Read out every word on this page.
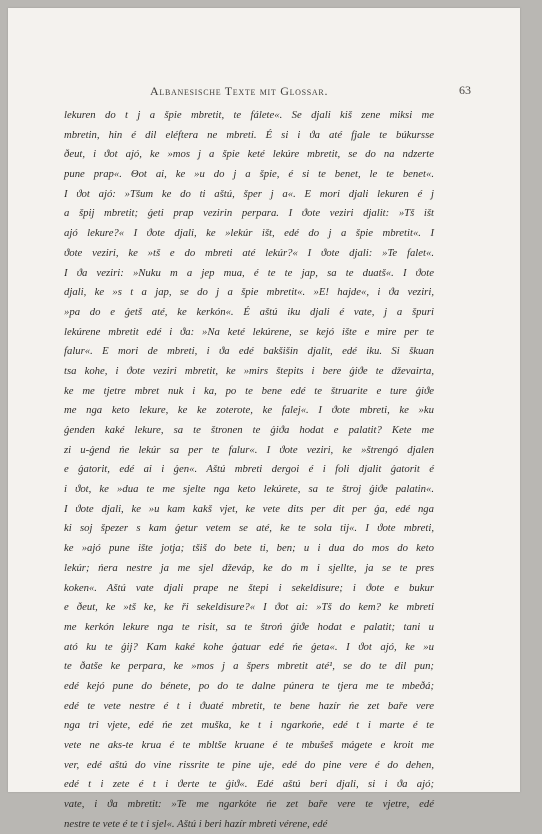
Albanesische Texte mit Glossar.	63
lekuren do t j a špie mbretit, te fálete«. Se djali kiš zene miksi me
mbretin, hin é dil eléftera ne mbreti. É si i ϑa até fjale te búkursse
ðeut, i ϑot ajó, ke »mos j a špie keté lekúre mbretit, se do na ndzerte
pune prap«. Θot ai, ke »u do j a špie, é si te benet, le te benet«.
I ϑot ajó: »Tšum ke do ti aštú, šper j a«. E mori djali lekuren é j
a špij mbretit; ǵeti prap vezirin perpara. I ϑote veziri djalit: »Tš išt
ajó lekure?« I ϑote djali, ke »lekúr išt, edé do j a špie mbretit«. I
ϑote veziri, ke »tš e do mbreti até lekúr?« I ϑote djali: »Te falet«.
I ϑa veziri: »Nuku m a jep mua, é te te jap, sa te duatš«. I ϑote
djali, ke »s t a jap, se do j a špie mbretit«. »E! hajde«, i ϑa veziri,
»pa do e ǵetš até, ke kerkón«. É aštú iku djali é vate, j a špuri
lekúrene mbretit edé i ϑa: »Na keté lekúrene, se kejó ište e mire per te
falur«. E mori de mbreti, i ϑa edé bakšišin djalit, edé iku. Si škuan
tsa kohe, i ϑote veziri mbretit, ke »mirs štepits i bere ǵiϑe te dževairta,
ke me tjetre mbret nuk i ka, po te bene edé te štruarite e ture ǵiϑe
me nga keto lekure, ke ke zoterote, ke falej«. I ϑote mbreti, ke »ku
ǵenden kaké lekure, sa te štronen te ǵiϑa hodat e palatit? Kete me
zi u-ǵend ńe lekúr sa per te falur«. I ϑote veziri, ke »štrengó djalen
e ǵatorit, edé ai i ǵen«. Aštú mbreti dergoi é i foli djalit ǵatorit é
i ϑot, ke »dua te me sjelte nga keto lekúrete, sa te štroj ǵiϑe palatin«.
I ϑote djali, ke »u kam kakš vjet, ke vete dits per dit per ǵa, edé nga
ki soj špezer s kam ǵetur vetem se até, ke te sola tij«. I ϑote mbreti,
ke »ajó pune ište jotja; tšiš do bete ti, ben; u i dua do mos do keto
lekúr; ńera nestre ja me sjel dževáp, ke do m i sjellte, ja se te pres
koken«. Aštú vate djali prape ne štepi i sekeldisure; i ϑote e bukur
e ðeut, ke »tš ke, ke ři sekeldisure?« I ϑot ai: »Tš do kem? ke mbreti
me kerkón lekure nga te risit, sa te štroń ǵiϑe hodat e palatit; tani u
ató ku te ǵij? Kam kaké kohe ǵatuar edé ńe ǵeta«. I ϑot ajó, ke »u
te ðatše ke perpara, ke »mos j a špers mbretit até¹, se do te dil pun;
edé kejó pune do bénete, po do te dalne púnera te tjera me te mbeðá;
edé te vete nestre é t i ϑuaté mbretit, te bene hazír ńe zet baře vere
nga tri vjete, edé ńe zet muška, ke t i ngarkońe, edé t i marte é te
vete ne aks-te krua é te mbltše kruane é te mbušeš mágete e kroit me
ver, edé aštú do vine rissrite te pine uje, edé do pine vere é do dehen,
edé t i zete é t i ϑerte te ǵiϑ«. Edé aštú beri djali, si i ϑa ajó;
vate, i ϑa mbretit: »Te me ngarkóte ńe zet baře vere te vjetre, edé
nestre te vete é te t i sjel«. Aštú i beri hazír mbreti vérene, edé
